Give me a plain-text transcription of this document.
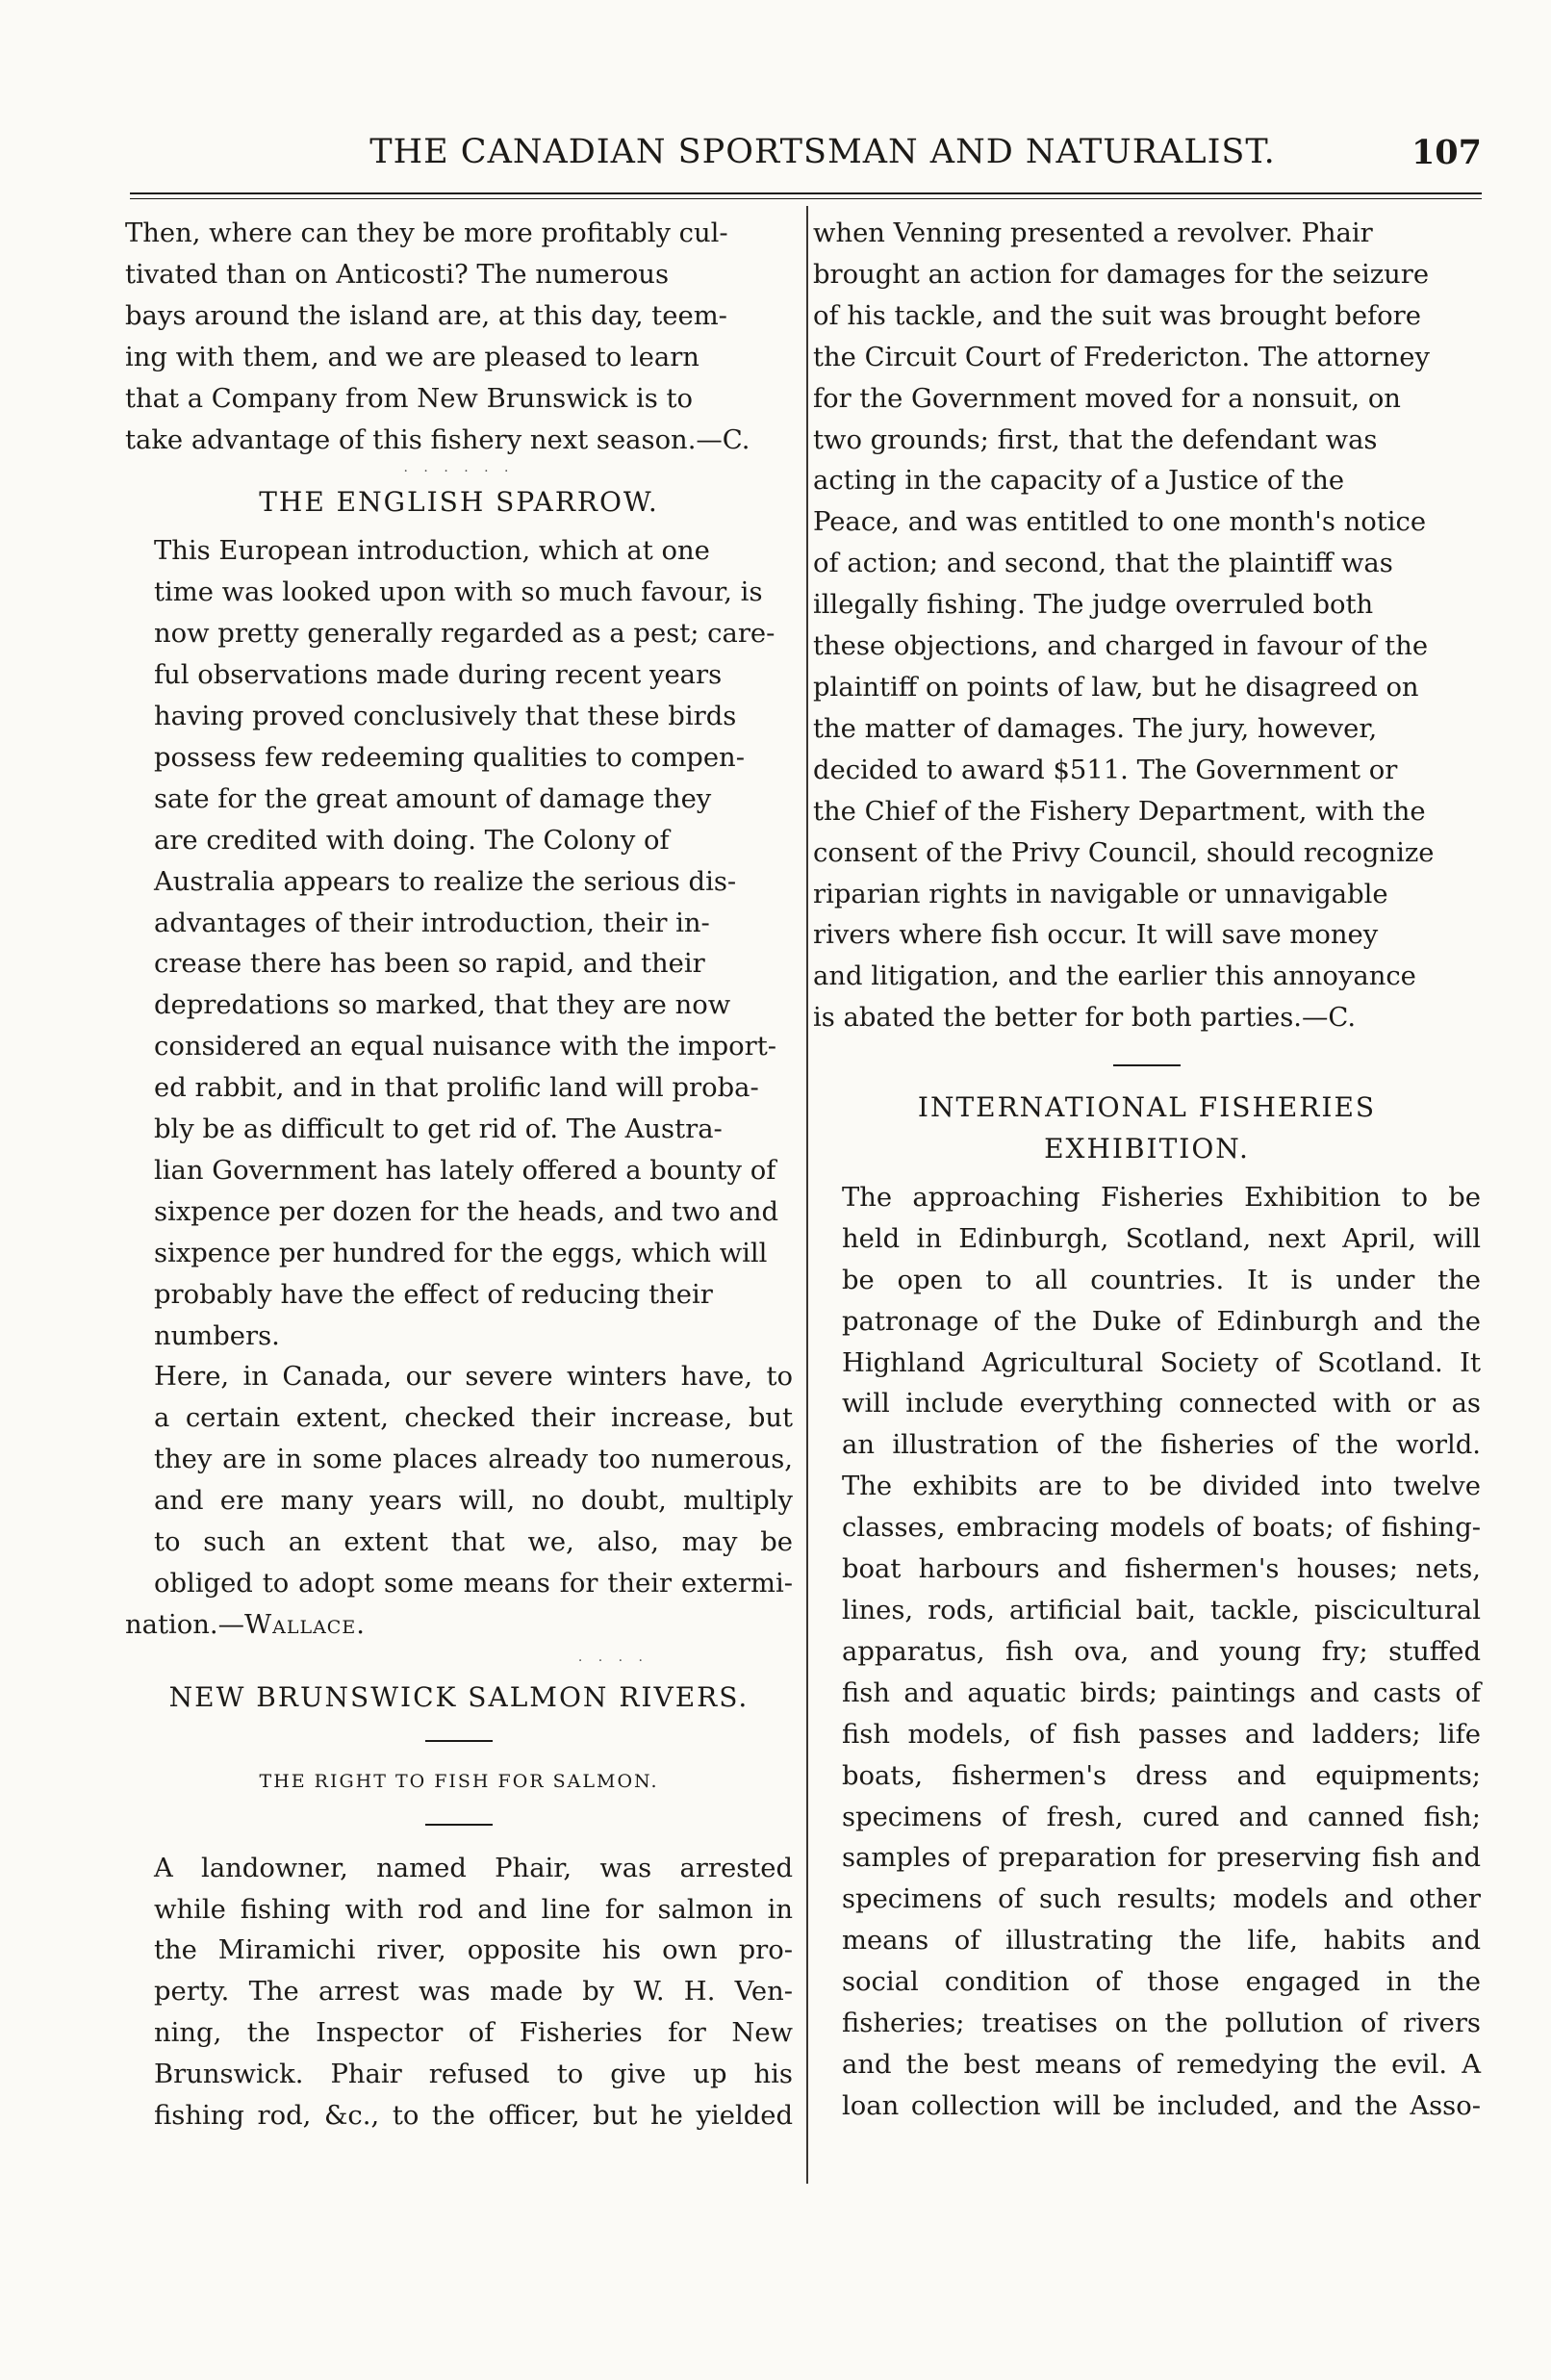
THE CANADIAN SPORTSMAN AND NATURALIST.	107
Then, where can they be more profitably cul-
tivated than on Anticosti? The numerous
bays around the island are, at this day, teem-
ing with them, and we are pleased to learn
that a Company from New Brunswick is to
take advantage of this fishery next season.—C.
· · · · · ·
THE ENGLISH SPARROW.
This European introduction, which at one
time was looked upon with so much favour, is
now pretty generally regarded as a pest; care-
ful observations made during recent years
having proved conclusively that these birds
possess few redeeming qualities to compen-
sate for the great amount of damage they
are credited with doing. The Colony of
Australia appears to realize the serious dis-
advantages of their introduction, their in-
crease there has been so rapid, and their
depredations so marked, that they are now
considered an equal nuisance with the import-
ed rabbit, and in that prolific land will proba-
bly be as difficult to get rid of. The Austra-
lian Government has lately offered a bounty of
sixpence per dozen for the heads, and two and
sixpence per hundred for the eggs, which will
probably have the effect of reducing their
numbers.
Here, in Canada, our severe winters have, to
a certain extent, checked their increase, but
they are in some places already too numerous,
and ere many years will, no doubt, multiply
to such an extent that we, also, may be
obliged to adopt some means for their extermi-
nation.—Wallace.
· · · ·
NEW BRUNSWICK SALMON RIVERS.
THE RIGHT TO FISH FOR SALMON.
A landowner, named Phair, was arrested
while fishing with rod and line for salmon in
the Miramichi river, opposite his own pro-
perty. The arrest was made by W. H. Ven-
ning, the Inspector of Fisheries for New
Brunswick. Phair refused to give up his
fishing rod, &c., to the officer, but he yielded
when Venning presented a revolver. Phair
brought an action for damages for the seizure
of his tackle, and the suit was brought before
the Circuit Court of Fredericton. The attorney
for the Government moved for a nonsuit, on
two grounds; first, that the defendant was
acting in the capacity of a Justice of the
Peace, and was entitled to one month's notice
of action; and second, that the plaintiff was
illegally fishing. The judge overruled both
these objections, and charged in favour of the
plaintiff on points of law, but he disagreed on
the matter of damages. The jury, however,
decided to award $511. The Government or
the Chief of the Fishery Department, with the
consent of the Privy Council, should recognize
riparian rights in navigable or unnavigable
rivers where fish occur. It will save money
and litigation, and the earlier this annoyance
is abated the better for both parties.—C.
INTERNATIONAL FISHERIES
EXHIBITION.
The approaching Fisheries Exhibition to be
held in Edinburgh, Scotland, next April, will
be open to all countries. It is under the
patronage of the Duke of Edinburgh and the
Highland Agricultural Society of Scotland. It
will include everything connected with or as
an illustration of the fisheries of the world.
The exhibits are to be divided into twelve
classes, embracing models of boats; of fishing-
boat harbours and fishermen's houses; nets,
lines, rods, artificial bait, tackle, piscicultural
apparatus, fish ova, and young fry; stuffed
fish and aquatic birds; paintings and casts of
fish models, of fish passes and ladders; life
boats, fishermen's dress and equipments;
specimens of fresh, cured and canned fish;
samples of preparation for preserving fish and
specimens of such results; models and other
means of illustrating the life, habits and
social condition of those engaged in the
fisheries; treatises on the pollution of rivers
and the best means of remedying the evil. A
loan collection will be included, and the Asso-
